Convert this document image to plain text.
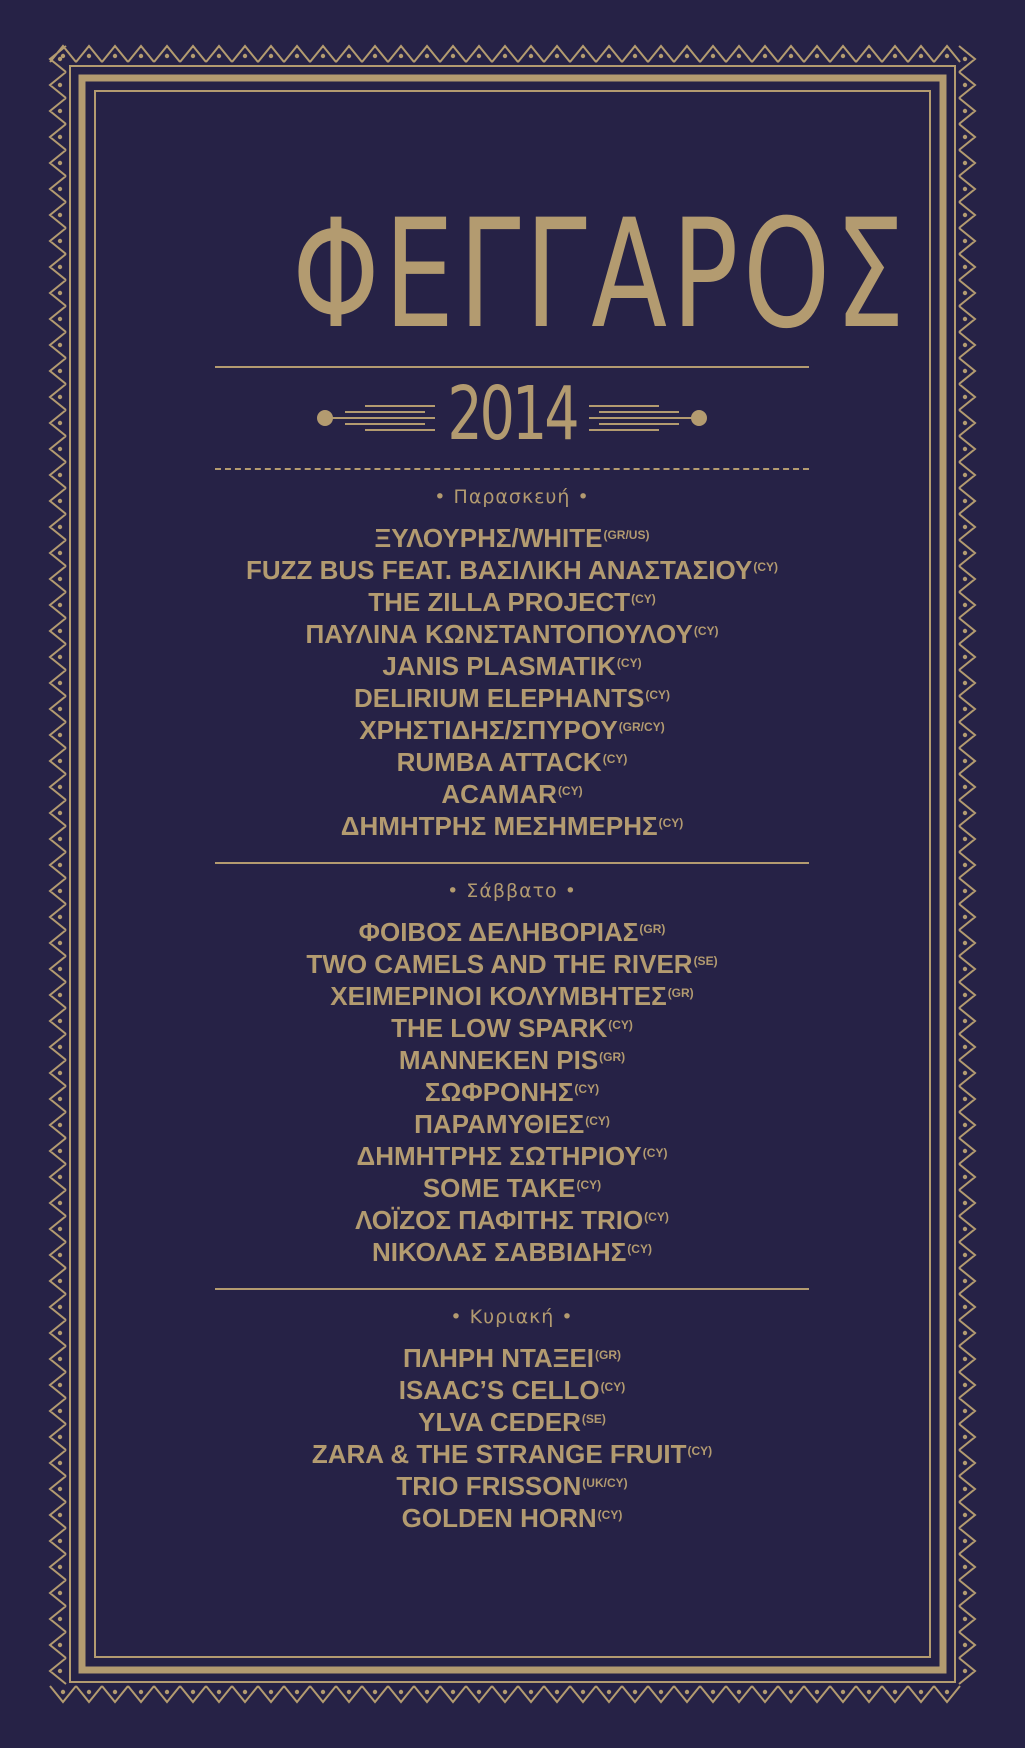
ΦΕΓΓΑΡΟΣ
2014
• Παρασκευή •
ΞΥΛΟΥΡΗΣ/$WHITE^{(GR/US)}$
FUZZ BUS FEAT. ΒΑΣΙΛΙΚΗ $ANA\Sigma TA\Sigma IO\Upsilon^{(CY)}$
THE ZILLA $PROJECT^{(CY)}$
ΠΑΥΛΙΝΑ $K\Omega N\Sigma TANTO\Pi O\Upsilon\Lambda O\Upsilon^{(CY)}$
JANIS $PLASMATIK^{(CY)}$
DELIRIUM $ELEPHANTS^{(CY)}$
ΧΡΗΣΤΙΔΗΣ/$\Sigma\Pi\Upsilon PO\Upsilon^{(GR/CY)}$
RUMBA $ATTACK^{(CY)}$
$ACAMAR^{(CY)}$
ΔΗΜΗΤΡΗΣ $ME\Sigma HMEPH\Sigma^{(CY)}$
• Σάββατο •
ΦΟΙΒΟΣ $\Delta E\Lambda HBOPIA\Sigma^{(GR)}$
TWO CAMELS AND THE $RIVER^{(SE)}$
ΧΕΙΜΕΡΙΝΟΙ $KO\Lambda\Upsilon MBHTE\Sigma^{(GR)}$
THE LOW $SPARK^{(CY)}$
MANNEKEN $PIS^{(GR)}$
$\Sigma\Omega\Phi PONH\Sigma^{(CY)}$
$\Pi APAM\Upsilon\Theta IE\Sigma^{(CY)}$
ΔΗΜΗΤΡΗΣ $\Sigma\Omega THPIO\Upsilon^{(CY)}$
SOME $TAKE^{(CY)}$
ΛΟΪΖΟΣ ΠΑΦΙΤΗΣ $TRIO^{(CY)}$
ΝΙΚΟΛΑΣ $\Sigma ABBI\Delta H\Sigma^{(CY)}$
• Κυριακή •
ΠΛΗΡΗ $NTA\Xi EI^{(GR)}$
ISAAC’S $CELLO^{(CY)}$
YLVA $CEDER^{(SE)}$
ZARA & THE STRANGE $FRUIT^{(CY)}$
TRIO $FRISSON^{(UK/CY)}$
GOLDEN $HORN^{(CY)}$
